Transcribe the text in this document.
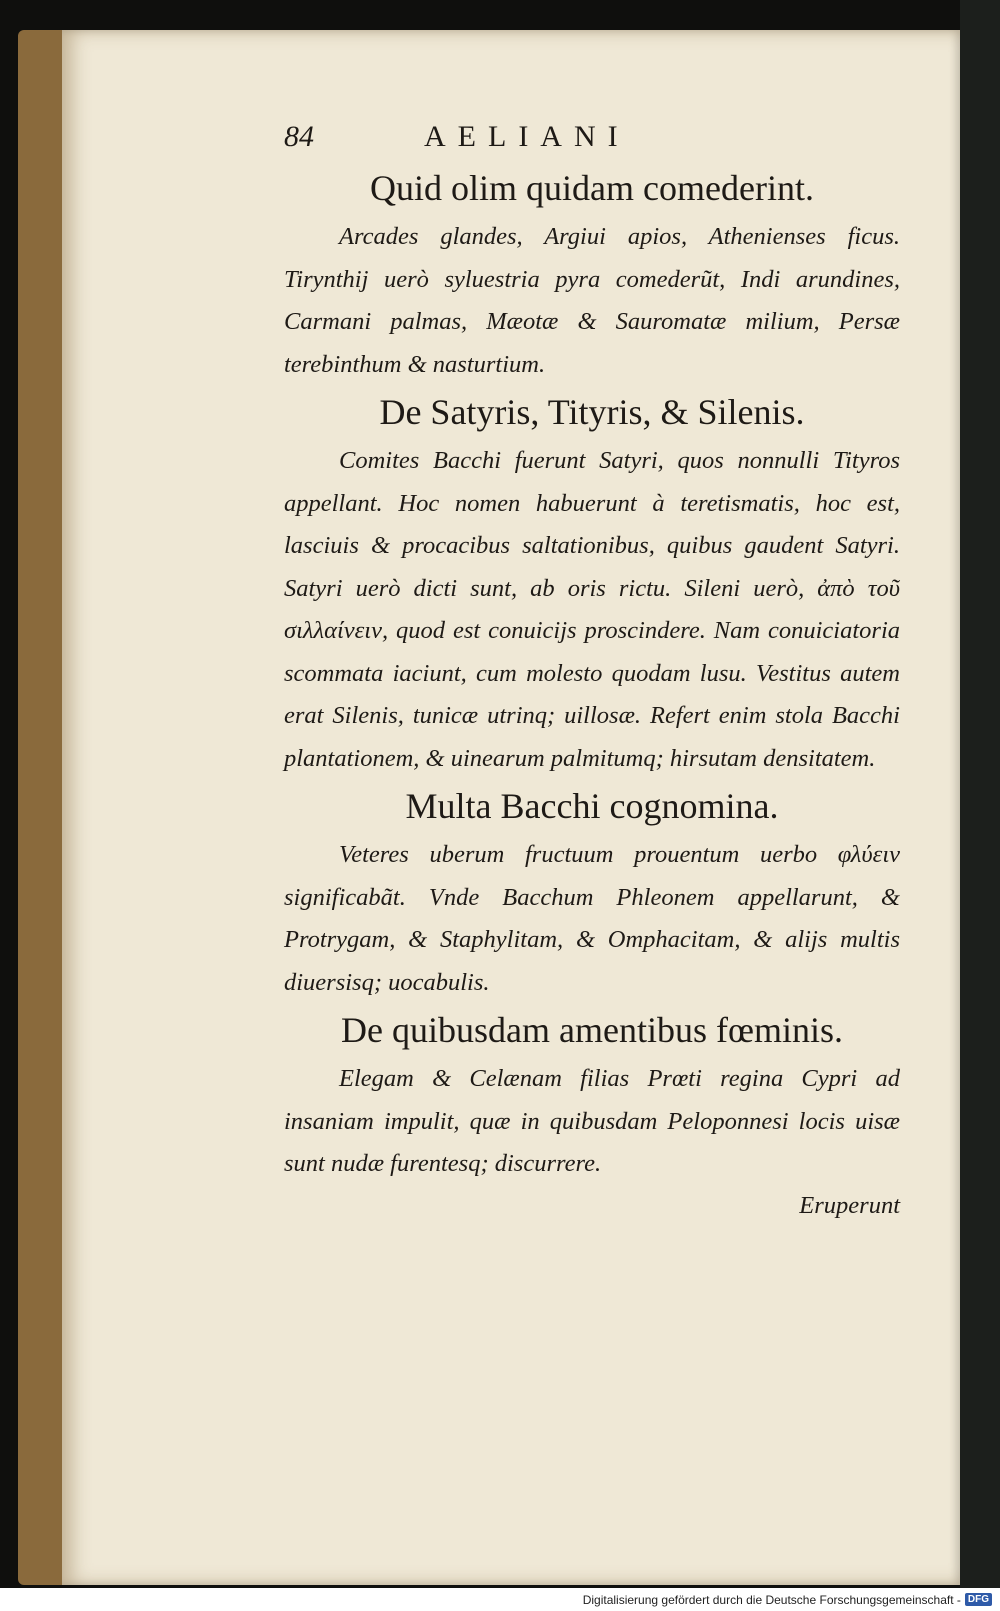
84	AELIANI
Quid olim quidam comederint.

Arcades glandes, Argiui apios, Athenienses ficus. Tirynthij uerò syluestria pyra comederũt, Indi arundines, Carmani palmas, Mæotæ & Sauromatæ milium, Persæ terebinthum & nasturtium.

De Satyris, Tityris, & Silenis.

Comites Bacchi fuerunt Satyri, quos nonnulli Tityros appellant. Hoc nomen habuerunt à teretismatis, hoc est, lasciuis & procacibus saltationibus, quibus gaudent Satyri. Satyri uerò dicti sunt, ab oris rictu. Sileni uerò, ἀπὸ τοῦ σιλλαίνειν, quod est conuicijs proscindere. Nam conuiciatoria scommata iaciunt, cum molesto quodam lusu. Vestitus autem erat Silenis, tunicæ utrinq; uillosæ. Refert enim stola Bacchi plantationem, & uinearum palmitumq; hirsutam densitatem.

Multa Bacchi cognomina.

Veteres uberum fructuum prouentum uerbo φλύειν significabãt. Vnde Bacchum Phleonem appellarunt, & Protrygam, & Staphylitam, & Omphacitam, & alijs multis diuersisq; uocabulis.

De quibusdam amentibus fœminis.

Elegam & Celænam filias Prœti regina Cypri ad insaniam impulit, quæ in quibusdam Peloponnesi locis uisæ sunt nudæ furentesq; discurrere.

Eruperunt
Digitalisierung gefördert durch die Deutsche Forschungsgemeinschaft - DFG
